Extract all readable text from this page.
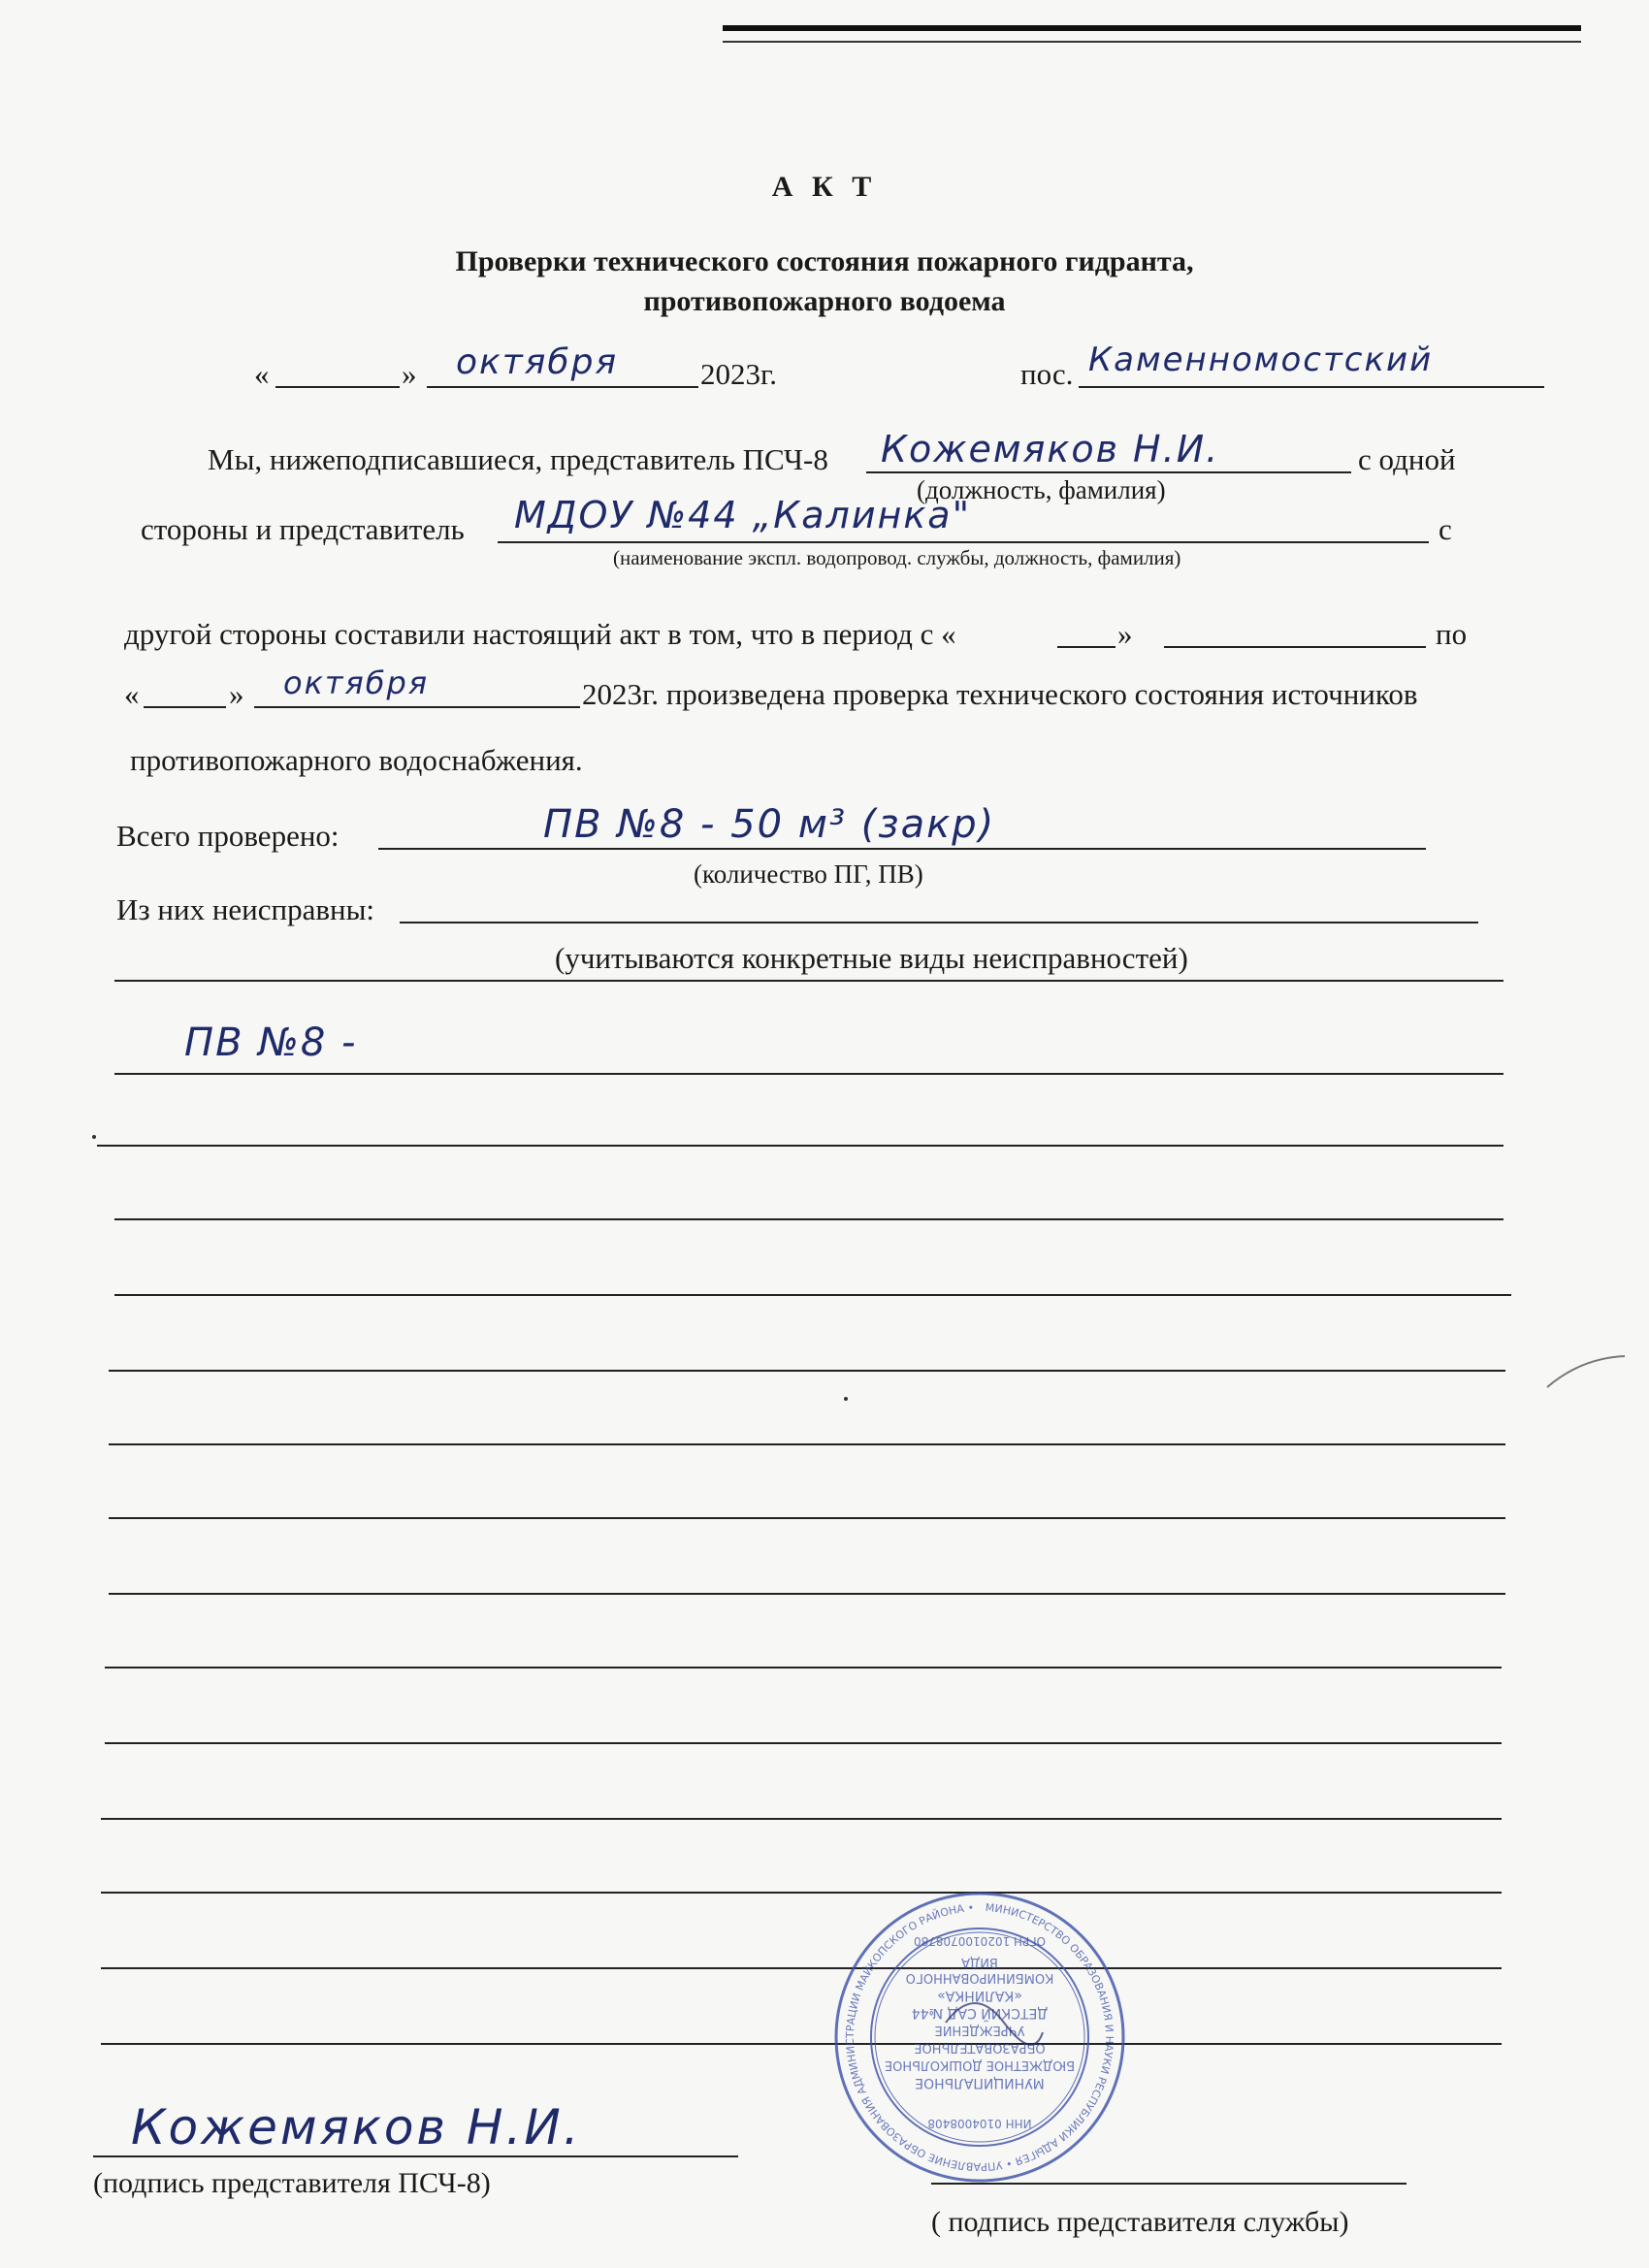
А К Т
Проверки технического состояния пожарного гидранта,
противопожарного водоема
«	» октября	2023г.	пос. Каменномостский
Мы, нижеподписавшиеся, представитель ПСЧ-8 Кожемяков Н.И.	с одной
(должность, фамилия)
стороны и представитель МДОУ №44 „Калинка"	с
(наименование экспл. водопровод. службы, должность, фамилия)
другой стороны составили настоящий акт в том, что в период с «	»	по
«	» октября	2023г. произведена проверка технического состояния источников
противопожарного водоснабжения.
Всего проверено:	ПВ №8 - 50 м³ (закр)
(количество ПГ, ПВ)
Из них неисправны:
(учитываются конкретные виды неисправностей)
ПВ №8 -
МУНИЦИПАЛЬНОЕ
БЮДЖЕТНОЕ ДОШКОЛЬНОЕ
ОБРАЗОВАТЕЛЬНОЕ
УЧРЕЖДЕНИЕ
ДЕТСКИЙ САД №44
«КАЛИНКА»
КОМБИНИРОВАННОГО
ВИДА
ИНН 0104008408
ОГРН 1020100708780
МИНИСТЕРСТВО ОБРАЗОВАНИЯ И НАУКИ РЕСПУБЛИКИ АДЫГЕЯ • УПРАВЛЕНИЕ ОБРАЗОВАНИЯ АДМИНИСТРАЦИИ МАЙКОПСКОГО РАЙОНА •
Кожемяков Н.И.
(подпись представителя ПСЧ-8)
( подпись представителя службы)
